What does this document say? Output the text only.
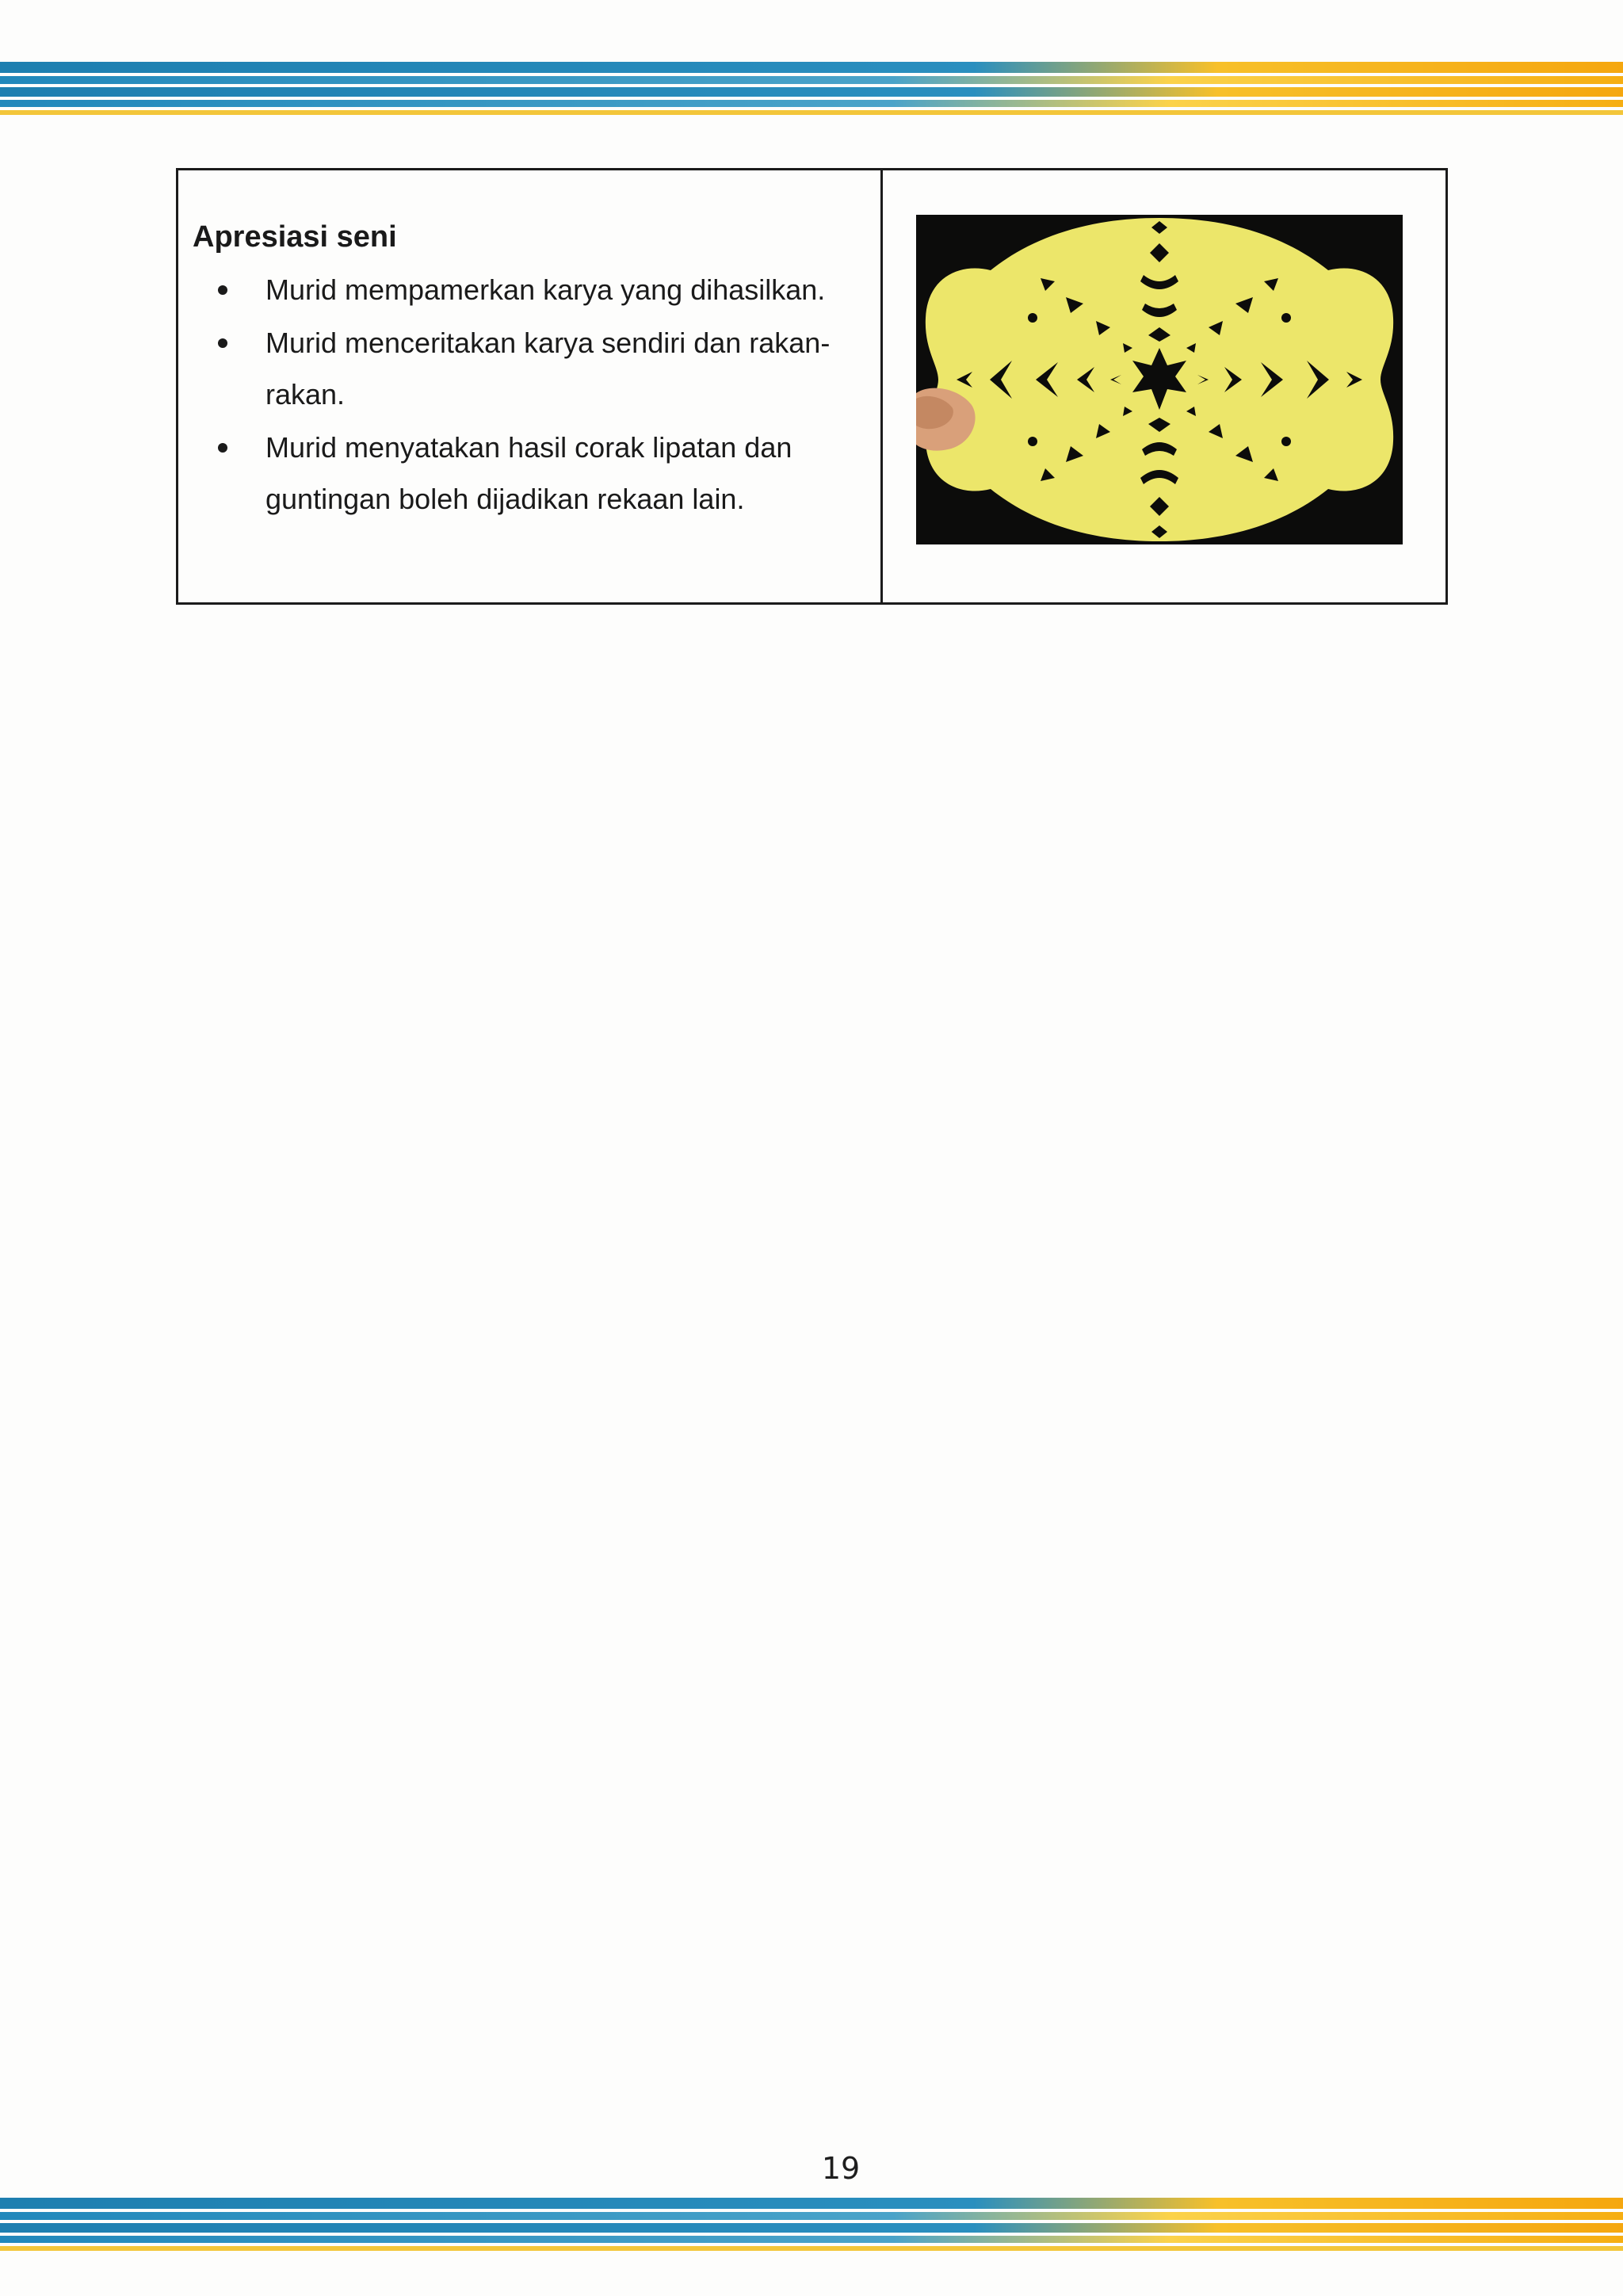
Apresiasi seni

Murid mempamerkan karya yang dihasilkan.
Murid menceritakan karya sendiri dan rakan-rakan.
Murid menyatakan hasil corak lipatan dan guntingan boleh dijadikan rekaan lain.
19
